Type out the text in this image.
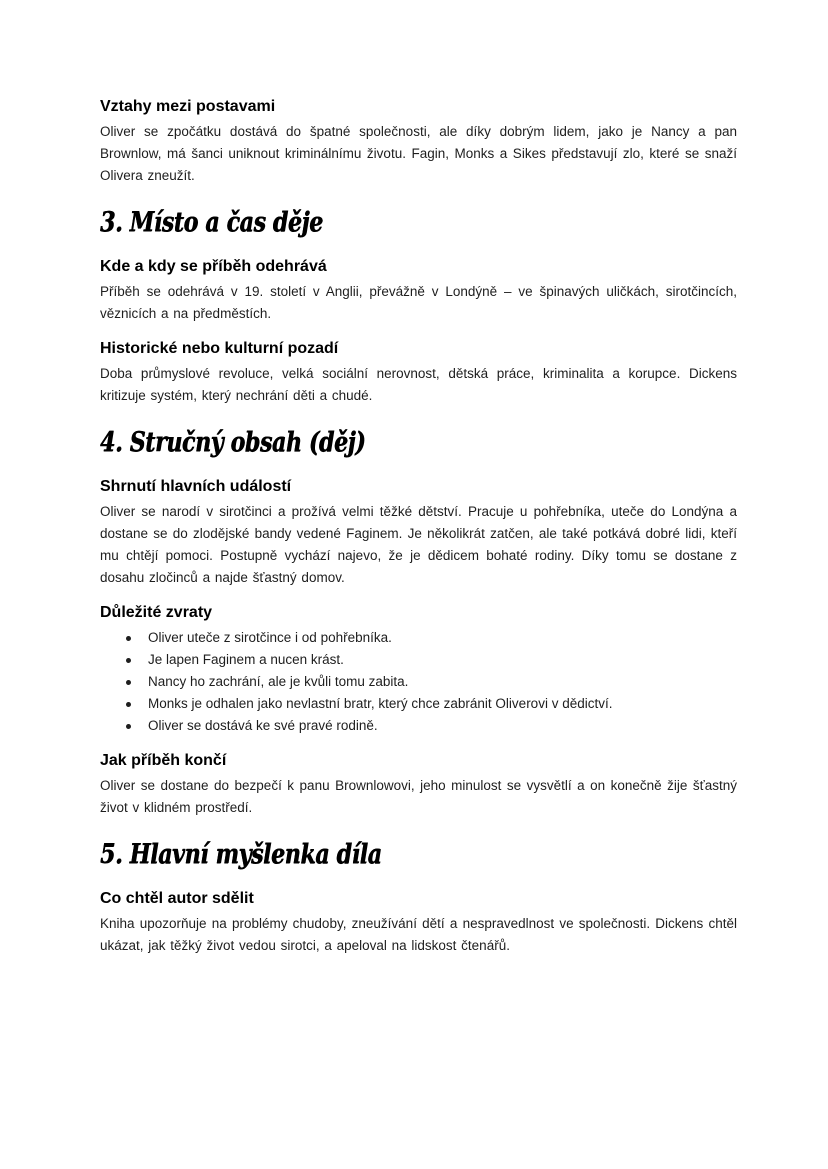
Vztahy mezi postavami

Oliver se zpočátku dostává do špatné společnosti, ale díky dobrým lidem, jako je Nancy a pan Brownlow, má šanci uniknout kriminálnímu životu. Fagin, Monks a Sikes představují zlo, které se snaží Olivera zneužít.

3. Místo a čas děje
Kde a kdy se příběh odehrává

Příběh se odehrává v 19. století v Anglii, převážně v Londýně – ve špinavých uličkách, sirotčincích, věznicích a na předměstích.

Historické nebo kulturní pozadí

Doba průmyslové revoluce, velká sociální nerovnost, dětská práce, kriminalita a korupce. Dickens kritizuje systém, který nechrání děti a chudé.

4. Stručný obsah (děj)
Shrnutí hlavních událostí

Oliver se narodí v sirotčinci a prožívá velmi těžké dětství. Pracuje u pohřebníka, uteče do Londýna a dostane se do zlodějské bandy vedené Faginem. Je několikrát zatčen, ale také potkává dobré lidi, kteří mu chtějí pomoci. Postupně vychází najevo, že je dědicem bohaté rodiny. Díky tomu se dostane z dosahu zločinců a najde šťastný domov.

Důležité zvraty
Oliver uteče z sirotčince i od pohřebníka.
Je lapen Faginem a nucen krást.
Nancy ho zachrání, ale je kvůli tomu zabita.
Monks je odhalen jako nevlastní bratr, který chce zabránit Oliverovi v dědictví.
Oliver se dostává ke své pravé rodině.
Jak příběh končí

Oliver se dostane do bezpečí k panu Brownlowovi, jeho minulost se vysvětlí a on konečně žije šťastný život v klidném prostředí.

5. Hlavní myšlenka díla
Co chtěl autor sdělit

Kniha upozorňuje na problémy chudoby, zneužívání dětí a nespravedlnost ve společnosti. Dickens chtěl ukázat, jak těžký život vedou sirotci, a apeloval na lidskost čtenářů.
